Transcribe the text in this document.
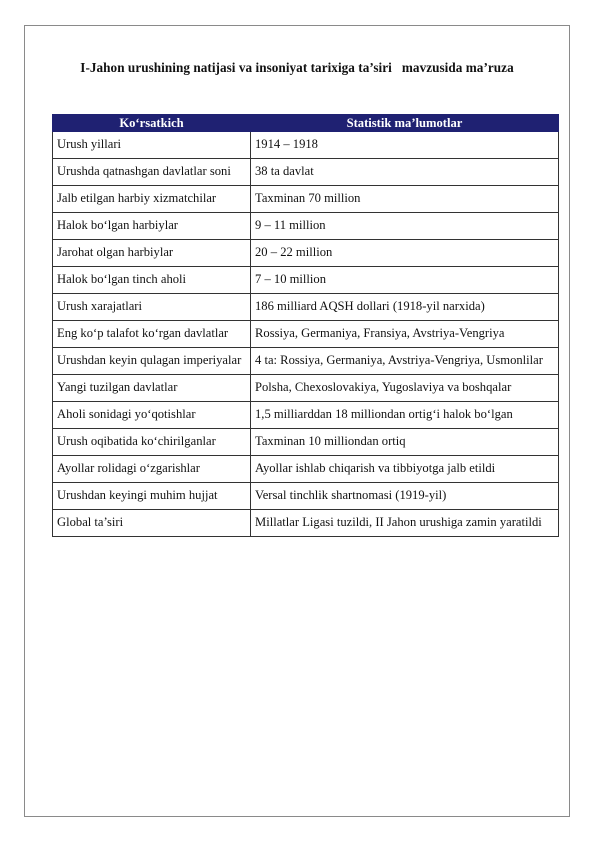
I-Jahon urushining natijasi va insoniyat tarixiga ta’siri   mavzusida ma’ruza
Ko‘rsatkich	Statistik ma’lumotlar
Urush yillari	1914 – 1918
Urushda qatnashgan davlatlar soni	38 ta davlat
Jalb etilgan harbiy xizmatchilar	Taxminan 70 million
Halok bo‘lgan harbiylar	9 – 11 million
Jarohat olgan harbiylar	20 – 22 million
Halok bo‘lgan tinch aholi	7 – 10 million
Urush xarajatlari	186 milliard AQSH dollari (1918-yil narxida)
Eng ko‘p talafot ko‘rgan davlatlar	Rossiya, Germaniya, Fransiya, Avstriya-Vengriya
Urushdan keyin qulagan imperiyalar	4 ta: Rossiya, Germaniya, Avstriya-Vengriya, Usmonlilar
Yangi tuzilgan davlatlar	Polsha, Chexoslovakiya, Yugoslaviya va boshqalar
Aholi sonidagi yo‘qotishlar	1,5 milliarddan 18 milliondan ortig‘i halok bo‘lgan
Urush oqibatida ko‘chirilganlar	Taxminan 10 milliondan ortiq
Ayollar rolidagi o‘zgarishlar	Ayollar ishlab chiqarish va tibbiyotga jalb etildi
Urushdan keyingi muhim hujjat	Versal tinchlik shartnomasi (1919-yil)
Global ta’siri	Millatlar Ligasi tuzildi, II Jahon urushiga zamin yaratildi
